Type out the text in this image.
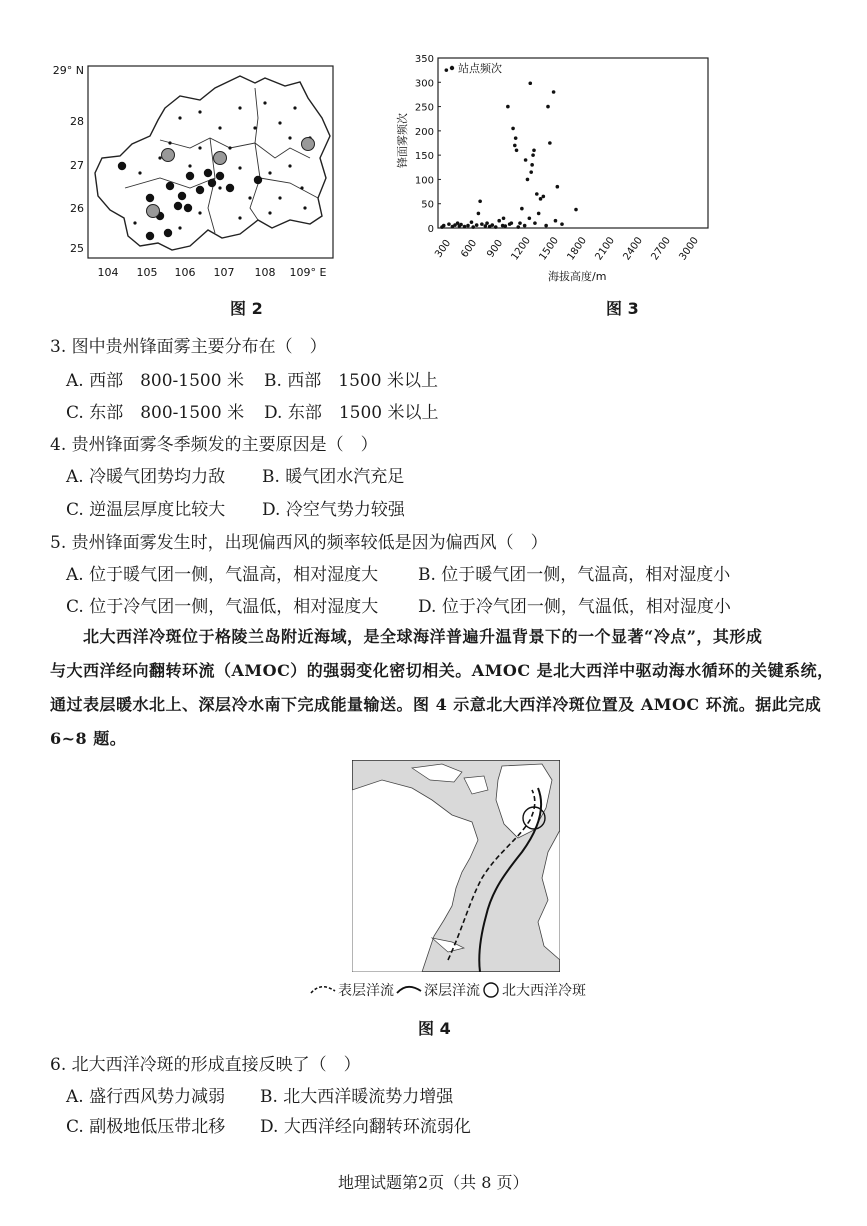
29° N
28
27
26
25
104 105 106 107 108 109° E
图 2
站点频次
锋面雾频次
海拔高度/m
0
50
100
150
200
250
300
350
300 600 900 1200 1500 1800 2100 2400 2700 3000
图 3
3. 图中贵州锋面雾主要分布在（　）
A. 西部　800-1500 米 B. 西部　1500 米以上
C. 东部　800-1500 米 D. 东部　1500 米以上
4. 贵州锋面雾冬季频发的主要原因是（　）
A. 冷暖气团势均力敌 B. 暖气团水汽充足
C. 逆温层厚度比较大 D. 冷空气势力较强
5. 贵州锋面雾发生时，出现偏西风的频率较低是因为偏西风（　）
A. 位于暖气团一侧，气温高，相对湿度大 B. 位于暖气团一侧，气温高，相对湿度小
C. 位于冷气团一侧，气温低，相对湿度大 D. 位于冷气团一侧，气温低，相对湿度小
　　北大西洋冷斑位于格陵兰岛附近海域，是全球海洋普遍升温背景下的一个显著“冷点”，其形成
与大西洋经向翻转环流（AMOC）的强弱变化密切相关。AMOC 是北大西洋中驱动海水循环的关键系统，
通过表层暖水北上、深层冷水南下完成能量输送。图 4 示意北大西洋冷斑位置及 AMOC 环流。据此完成
6~8 题。
表层洋流 深层洋流 北大西洋冷斑
图 4
6. 北大西洋冷斑的形成直接反映了（　）
A. 盛行西风势力减弱 B. 北大西洋暖流势力增强
C. 副极地低压带北移 D. 大西洋经向翻转环流弱化
地理试题第2页（共 8 页）
